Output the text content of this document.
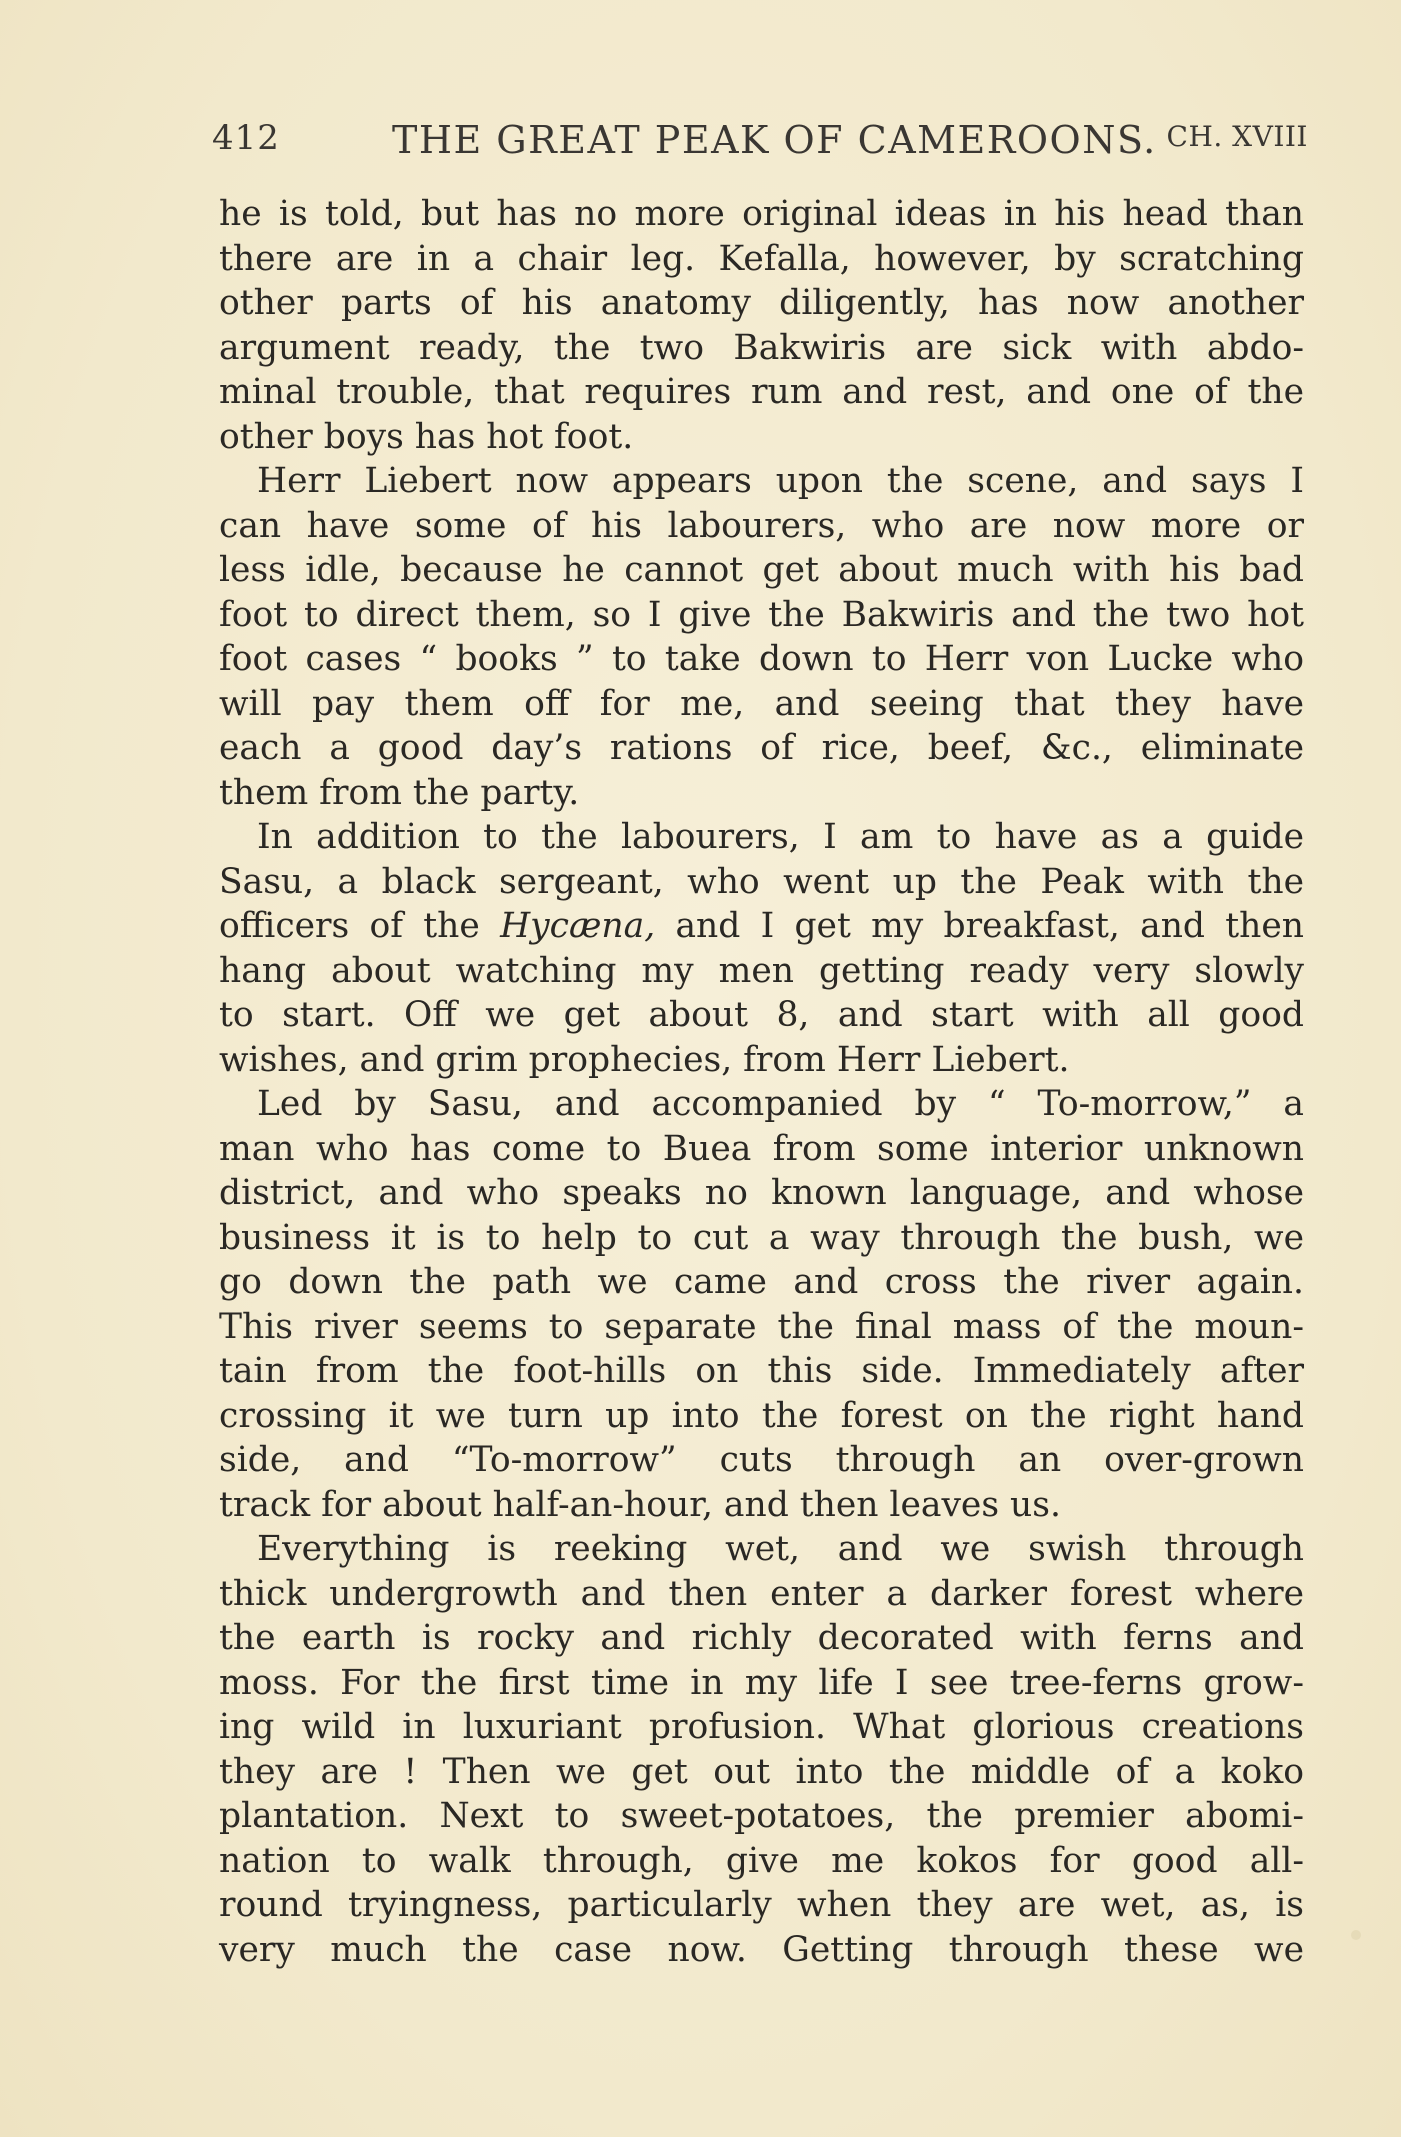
412	THE GREAT PEAK OF CAMEROONS. CH. XVIII
he is told, but has no more original ideas in his head than
there are in a chair leg. Kefalla, however, by scratching
other parts of his anatomy diligently, has now another
argument ready, the two Bakwiris are sick with abdo-
minal trouble, that requires rum and rest, and one of the
other boys has hot foot.
Herr Liebert now appears upon the scene, and says I
can have some of his labourers, who are now more or
less idle, because he cannot get about much with his bad
foot to direct them, so I give the Bakwiris and the two hot
foot cases “ books ” to take down to Herr von Lucke who
will pay them off for me, and seeing that they have
each a good day’s rations of rice, beef, &c., eliminate
them from the party.
In addition to the labourers, I am to have as a guide
Sasu, a black sergeant, who went up the Peak with the
officers of the Hycæna, and I get my breakfast, and then
hang about watching my men getting ready very slowly
to start. Off we get about 8, and start with all good
wishes, and grim prophecies, from Herr Liebert.
Led by Sasu, and accompanied by “ To-morrow,” a
man who has come to Buea from some interior unknown
district, and who speaks no known language, and whose
business it is to help to cut a way through the bush, we
go down the path we came and cross the river again.
This river seems to separate the final mass of the moun-
tain from the foot-hills on this side. Immediately after
crossing it we turn up into the forest on the right hand
side, and “To-morrow” cuts through an over-grown
track for about half-an-hour, and then leaves us.
Everything is reeking wet, and we swish through
thick undergrowth and then enter a darker forest where
the earth is rocky and richly decorated with ferns and
moss. For the first time in my life I see tree-ferns grow-
ing wild in luxuriant profusion. What glorious creations
they are ! Then we get out into the middle of a koko
plantation. Next to sweet-potatoes, the premier abomi-
nation to walk through, give me kokos for good all-
round tryingness, particularly when they are wet, as, is
very much the case now. Getting through these we
